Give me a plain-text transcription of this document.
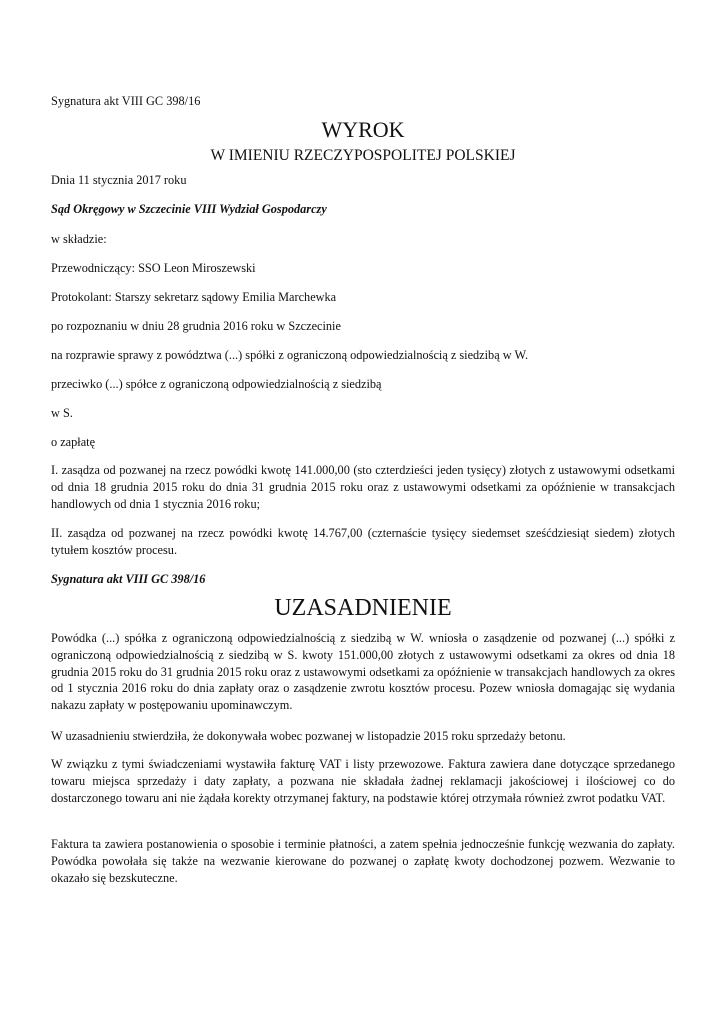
Sygnatura akt VIII GC 398/16
WYROK
W IMIENIU RZECZYPOSPOLITEJ POLSKIEJ
Dnia 11 stycznia 2017 roku
Sąd Okręgowy w Szczecinie VIII Wydział Gospodarczy
w składzie:
Przewodniczący: SSO Leon Miroszewski
Protokolant: Starszy sekretarz sądowy Emilia Marchewka
po rozpoznaniu w dniu 28 grudnia 2016 roku w Szczecinie
na rozprawie sprawy z powództwa (...) spółki z ograniczoną odpowiedzialnością z siedzibą w W.
przeciwko (...) spółce z ograniczoną odpowiedzialnością z siedzibą
w S.
o zapłatę
I. zasądza od pozwanej na rzecz powódki kwotę 141.000,00 (sto czterdzieści jeden tysięcy) złotych z ustawowymi odsetkami od dnia 18 grudnia 2015 roku do dnia 31 grudnia 2015 roku oraz z ustawowymi odsetkami za opóźnienie w transakcjach handlowych od dnia 1 stycznia 2016 roku;
II. zasądza od pozwanej na rzecz powódki kwotę 14.767,00 (czternaście tysięcy siedemset sześćdziesiąt siedem) złotych tytułem kosztów procesu.
Sygnatura akt VIII GC 398/16
UZASADNIENIE
Powódka (...) spółka z ograniczoną odpowiedzialnością z siedzibą w W. wniosła o zasądzenie od pozwanej (...) spółki z ograniczoną odpowiedzialnością z siedzibą w S. kwoty 151.000,00 złotych z ustawowymi odsetkami za okres od dnia 18 grudnia 2015 roku do 31 grudnia 2015 roku oraz z ustawowymi odsetkami za opóźnienie w transakcjach handlowych za okres od 1 stycznia 2016 roku do dnia zapłaty oraz o zasądzenie zwrotu kosztów procesu. Pozew wniosła domagając się wydania nakazu zapłaty w postępowaniu upominawczym.
W uzasadnieniu stwierdziła, że dokonywała wobec pozwanej w listopadzie 2015 roku sprzedaży betonu.
W związku z tymi świadczeniami wystawiła fakturę VAT i listy przewozowe. Faktura zawiera dane dotyczące sprzedanego towaru miejsca sprzedaży i daty zapłaty, a pozwana nie składała żadnej reklamacji jakościowej i ilościowej co do dostarczonego towaru ani nie żądała korekty otrzymanej faktury, na podstawie której otrzymała również zwrot podatku VAT.
Faktura ta zawiera postanowienia o sposobie i terminie płatności, a zatem spełnia jednocześnie funkcję wezwania do zapłaty. Powódka powołała się także na wezwanie kierowane do pozwanej o zapłatę kwoty dochodzonej pozwem. Wezwanie to okazało się bezskuteczne.
